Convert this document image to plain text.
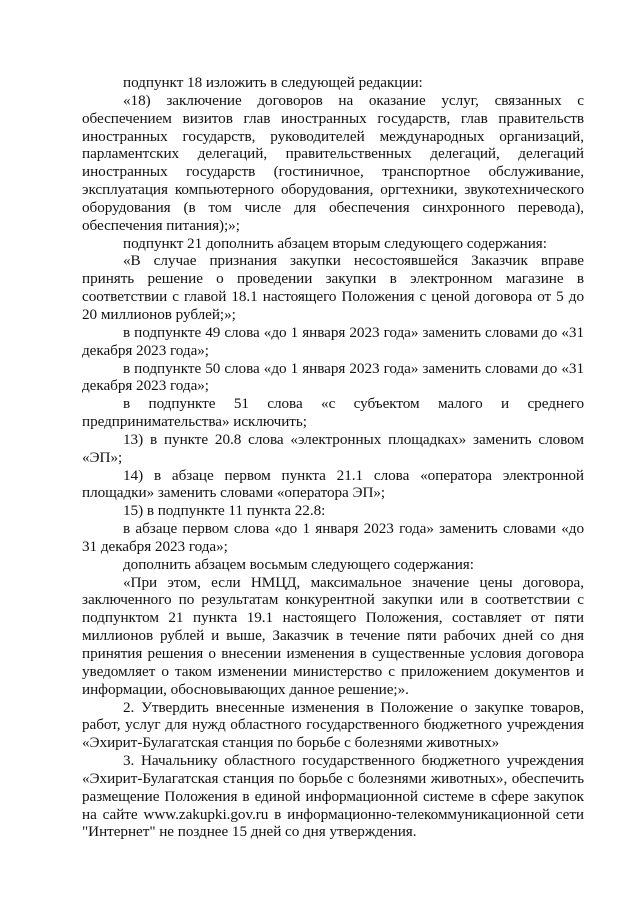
подпункт 18 изложить в следующей редакции:

«18) заключение договоров на оказание услуг, связанных с обеспечением визитов глав иностранных государств, глав правительств иностранных государств, руководителей международных организаций, парламентских делегаций, правительственных делегаций, делегаций иностранных государств (гостиничное, транспортное обслуживание, эксплуатация компьютерного оборудования, оргтехники, звукотехнического оборудования (в том числе для обеспечения синхронного перевода), обеспечения питания);»;

подпункт 21 дополнить абзацем вторым следующего содержания:

«В случае признания закупки несостоявшейся Заказчик вправе принять решение о проведении закупки в электронном магазине в соответствии с главой 18.1 настоящего Положения с ценой договора от 5 до 20 миллионов рублей;»;

в подпункте 49 слова «до 1 января 2023 года» заменить словами до «31 декабря 2023 года»;

в подпункте 50 слова «до 1 января 2023 года» заменить словами до «31 декабря 2023 года»;

в подпункте 51 слова «с субъектом малого и среднего предпринимательства» исключить;

13) в пункте 20.8 слова «электронных площадках» заменить словом «ЭП»;

14) в абзаце первом пункта 21.1 слова «оператора электронной площадки» заменить словами «оператора ЭП»;

15) в подпункте 11 пункта 22.8:

в абзаце первом слова «до 1 января 2023 года» заменить словами «до 31 декабря 2023 года»;

дополнить абзацем восьмым следующего содержания:

«При этом, если НМЦД, максимальное значение цены договора, заключенного по результатам конкурентной закупки или в соответствии с подпунктом 21 пункта 19.1 настоящего Положения, составляет от пяти миллионов рублей и выше, Заказчик в течение пяти рабочих дней со дня принятия решения о внесении изменения в существенные условия договора уведомляет о таком изменении министерство с приложением документов и информации, обосновывающих данное решение;».

2. Утвердить внесенные изменения в Положение о закупке товаров, работ, услуг для нужд областного государственного бюджетного учреждения «Эхирит-Булагатская станция по борьбе с болезнями животных»

3. Начальнику областного государственного бюджетного учреждения «Эхирит-Булагатская станция по борьбе с болезнями животных», обеспечить размещение Положения в единой информационной системе в сфере закупок на сайте www.zakupki.gov.ru в информационно-телекоммуникационной сети "Интернет" не позднее 15 дней со дня утверждения.
